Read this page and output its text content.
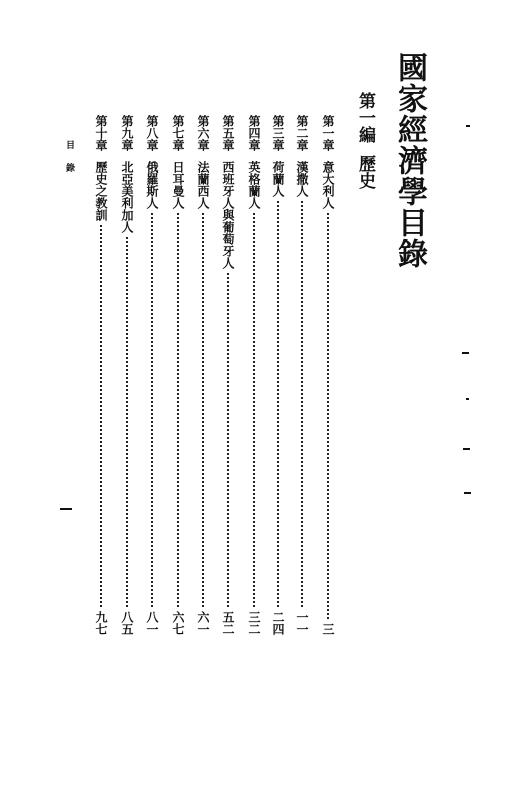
國家經濟學目錄
第一編歷史
第一章
意大利人
三
第二章
漢撒人
一一
第三章
荷蘭人
二四
第四章
英格蘭人
三二
第五章
西班牙人與葡萄牙人
五二
第六章
法蘭西人
六一
第七章
日耳曼人
六七
第八章
俄羅斯人
八一
第九章
北亞美利加人
八五
第十章
歷史之教訓
九七
目錄
